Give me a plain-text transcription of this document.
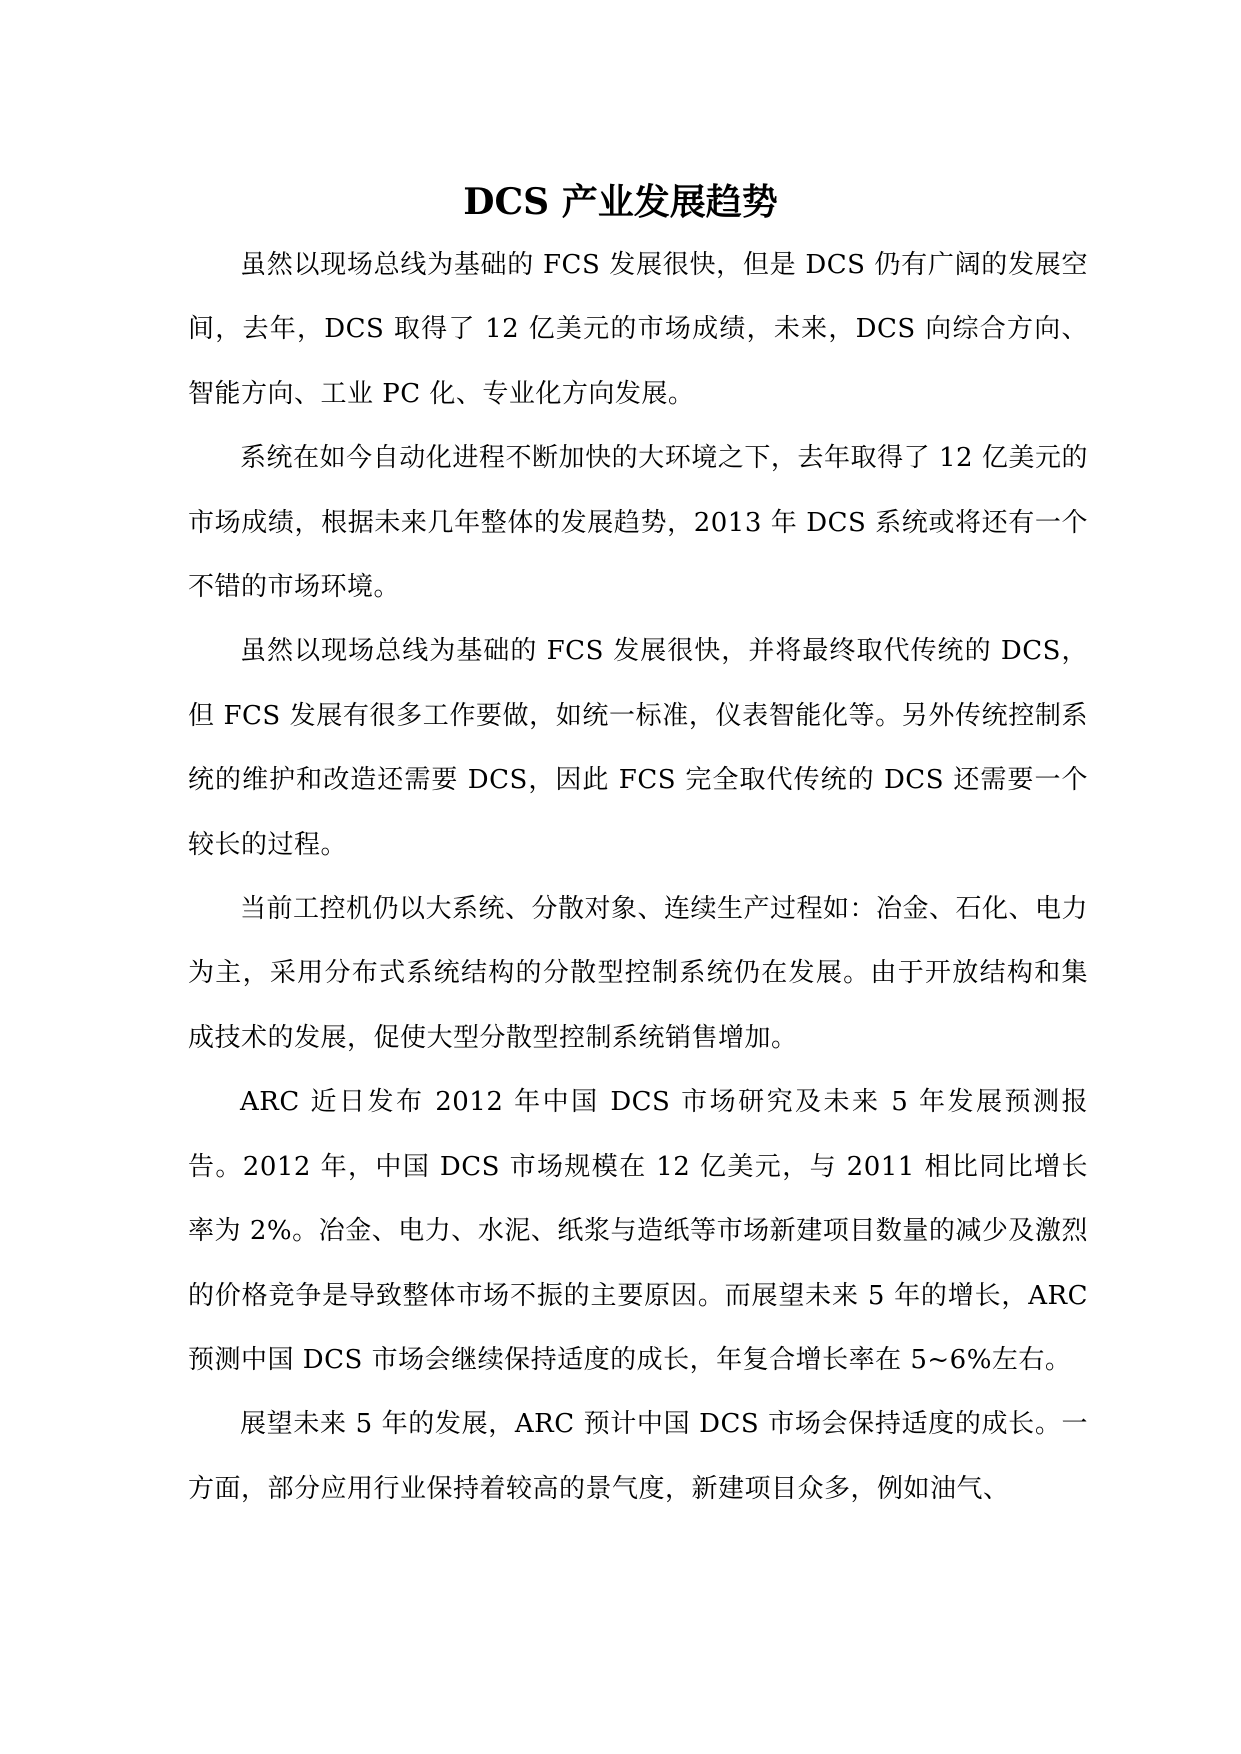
DCS 产业发展趋势

虽然以现场总线为基础的 FCS 发展很快，但是 DCS 仍有广阔的发展空间，去年，DCS 取得了 12 亿美元的市场成绩，未来，DCS 向综合方向、智能方向、工业 PC 化、专业化方向发展。

系统在如今自动化进程不断加快的大环境之下，去年取得了 12 亿美元的市场成绩，根据未来几年整体的发展趋势，2013 年 DCS 系统或将还有一个不错的市场环境。

虽然以现场总线为基础的 FCS 发展很快，并将最终取代传统的 DCS，但 FCS 发展有很多工作要做，如统一标准，仪表智能化等。另外传统控制系统的维护和改造还需要 DCS，因此 FCS 完全取代传统的 DCS 还需要一个较长的过程。

当前工控机仍以大系统、分散对象、连续生产过程如：冶金、石化、电力为主，采用分布式系统结构的分散型控制系统仍在发展。由于开放结构和集成技术的发展，促使大型分散型控制系统销售增加。

ARC 近日发布 2012 年中国 DCS 市场研究及未来 5 年发展预测报告。2012 年，中国 DCS 市场规模在 12 亿美元，与 2011 相比同比增长率为 2%。冶金、电力、水泥、纸浆与造纸等市场新建项目数量的减少及激烈的价格竞争是导致整体市场不振的主要原因。而展望未来 5 年的增长，ARC 预测中国 DCS 市场会继续保持适度的成长，年复合增长率在 5~6%左右。

展望未来 5 年的发展，ARC 预计中国 DCS 市场会保持适度的成长。一方面，部分应用行业保持着较高的景气度，新建项目众多，例如油气、
